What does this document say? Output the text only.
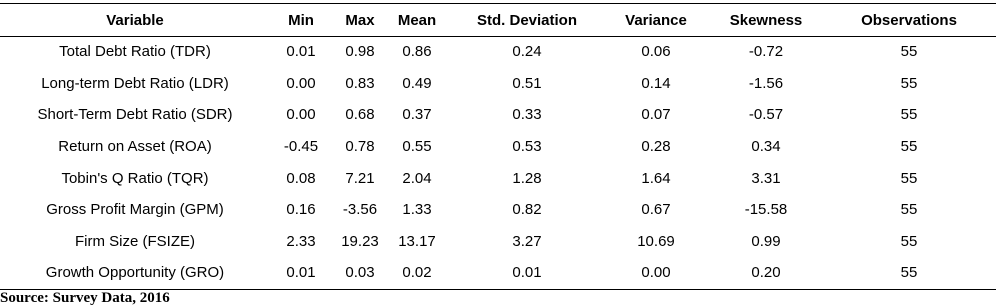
Variable	Min	Max	Mean	Std. Deviation	Variance	Skewness	Observations
Total Debt Ratio (TDR)	0.01	0.98	0.86	0.24	0.06	-0.72	55
Long-term Debt Ratio (LDR)	0.00	0.83	0.49	0.51	0.14	-1.56	55
Short-Term Debt Ratio (SDR)	0.00	0.68	0.37	0.33	0.07	-0.57	55
Return on Asset (ROA)	-0.45	0.78	0.55	0.53	0.28	0.34	55
Tobin's Q Ratio (TQR)	0.08	7.21	2.04	1.28	1.64	3.31	55
Gross Profit Margin (GPM)	0.16	-3.56	1.33	0.82	0.67	-15.58	55
Firm Size (FSIZE)	2.33	19.23	13.17	3.27	10.69	0.99	55
Growth Opportunity (GRO)	0.01	0.03	0.02	0.01	0.00	0.20	55
Source: Survey Data, 2016
